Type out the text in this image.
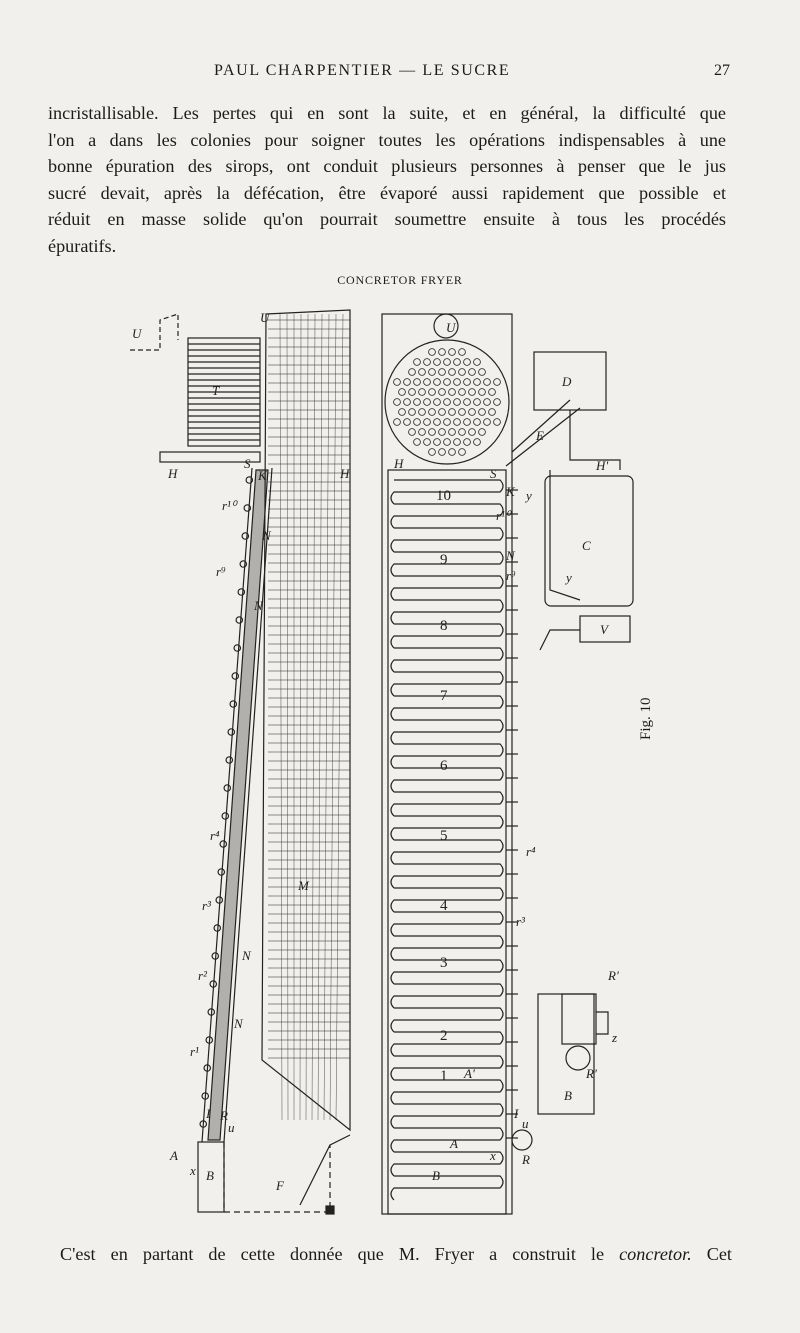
PAUL CHARPENTIER — LE SUCRE	27
incristallisable. Les pertes qui en sont la suite, et en général, la difficulté que
l'on a dans les colonies pour soigner toutes les opérations indispensables à une
bonne épuration des sirops, ont conduit plusieurs personnes à penser que le jus
sucré devait, après la défécation, être évaporé aussi rapidement que possible et
réduit en masse solide qu'on pourrait soumettre ensuite à tous les procédés
épuratifs.
CONCRETOR FRYER
U
T
U
H
S
K	H
r¹⁰
N
r⁹
N
r⁴
r³
M
r²
N
N
r¹
I R
u
A
x B
F
U
H
D
E
H'
S
K y
r¹⁰
C
N
y
r⁹
V
r⁴
r³
R'
z
R'
A'
B
I
u
A
x R
B
1
2
3
4
5
6
7
8
9
10
Fig. 10
C'est en partant de cette donnée que M. Fryer a construit le concretor. Cet
